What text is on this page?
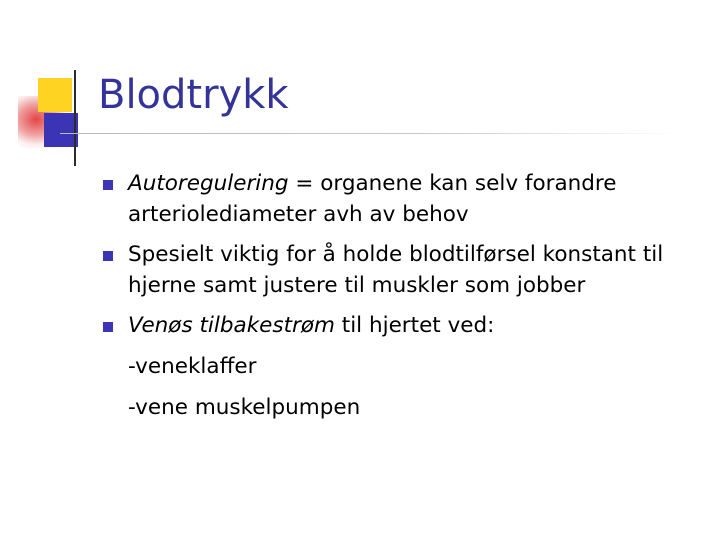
Blodtrykk
Autoregulering = organene kan selv forandre arteriolediameter avh av behov
Spesielt viktig for å holde blodtilførsel konstant til hjerne samt justere til muskler som jobber
Venøs tilbakestrøm til hjertet ved:
-veneklaffer
-vene muskelpumpen
